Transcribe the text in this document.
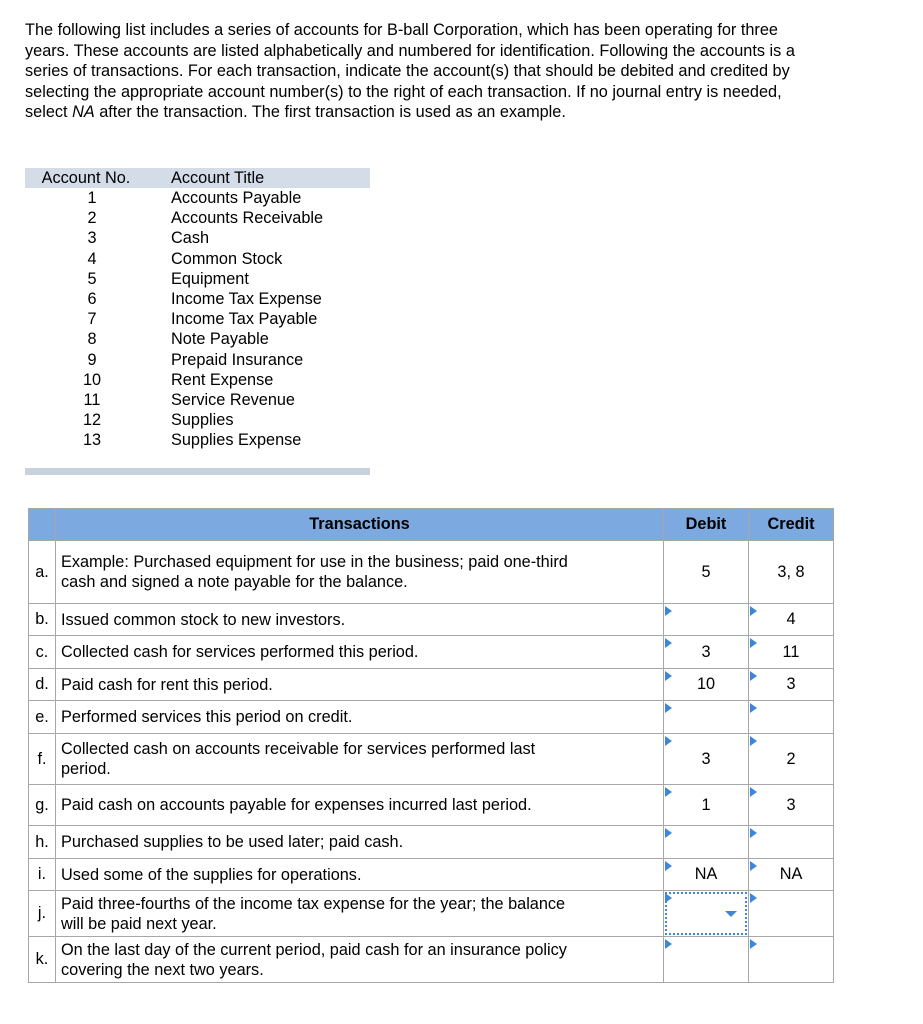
The following list includes a series of accounts for B-ball Corporation, which has been operating for three

years. These accounts are listed alphabetically and numbered for identification. Following the accounts is a

series of transactions. For each transaction, indicate the account(s) that should be debited and credited by

selecting the appropriate account number(s) to the right of each transaction. If no journal entry is needed,

select NA after the transaction. The first transaction is used as an example.

Account No.	Account Title
1	Accounts Payable
2	Accounts Receivable
3	Cash
4	Common Stock
5	Equipment
6	Income Tax Expense
7	Income Tax Payable
8	Note Payable
9	Prepaid Insurance
10	Rent Expense
11	Service Revenue
12	Supplies
13	Supplies Expense
	Transactions	Debit	Credit
a.	Example: Purchased equipment for use in the business; paid one-third
cash and signed a note payable for the balance.	5	3, 8
b.	Issued common stock to new investors.		4
c.	Collected cash for services performed this period.	3	11
d.	Paid cash for rent this period.	10	3
e.	Performed services this period on credit.		

f.	Collected cash on accounts receivable for services performed last
period.	3	2
g.	Paid cash on accounts payable for expenses incurred last period.	1	3
h.	Purchased supplies to be used later; paid cash.		

i.	Used some of the supplies for operations.	NA	NA
j.	Paid three-fourths of the income tax expense for the year; the balance
will be paid next year.		

k.	On the last day of the current period, paid cash for an insurance policy
covering the next two years.		
